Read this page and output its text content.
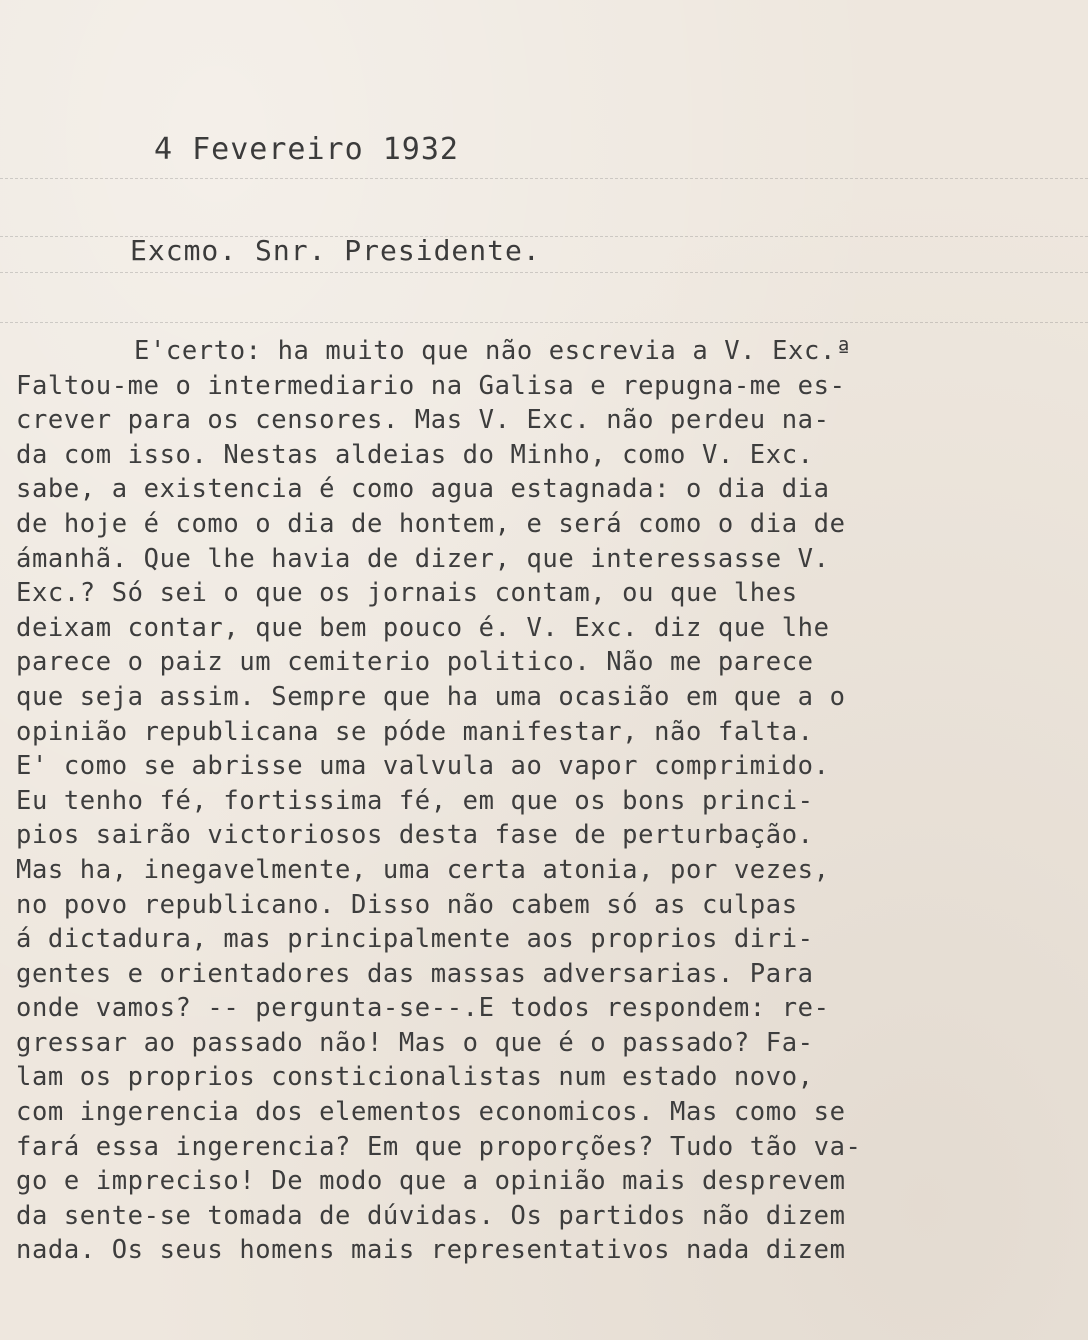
4 Fevereiro 1932
Excmo. Snr. Presidente.
E'certo: ha muito que não escrevia a V. Exc.ª
Faltou-me o intermediario na Galisa e repugna-me es-
crever para os censores. Mas V. Exc. não perdeu na-
da com isso. Nestas aldeias do Minho, como V. Exc.
sabe, a existencia é como agua estagnada: o dia dia
de hoje é como o dia de hontem, e será como o dia de
ámanhã. Que lhe havia de dizer, que interessasse V.
Exc.? Só sei o que os jornais contam, ou que lhes
deixam contar, que bem pouco é. V. Exc. diz que lhe
parece o paiz um cemiterio politico. Não me parece
que seja assim. Sempre que ha uma ocasião em que a o
opinião republicana se póde manifestar, não falta.
E' como se abrisse uma valvula ao vapor comprimido.
Eu tenho fé, fortissima fé, em que os bons princi-
pios sairão victoriosos desta fase de perturbação.
Mas ha, inegavelmente, uma certa atonia, por vezes,
no povo republicano. Disso não cabem só as culpas
á dictadura, mas principalmente aos proprios diri-
gentes e orientadores das massas adversarias. Para
onde vamos? -- pergunta-se--.E todos respondem: re-
gressar ao passado não! Mas o que é o passado? Fa-
lam os proprios consticionalistas num estado novo,
com ingerencia dos elementos economicos. Mas como se
fará essa ingerencia? Em que proporções? Tudo tão va-
go e impreciso! De modo que a opinião mais desprevem
da sente-se tomada de dúvidas. Os partidos não dizem
nada. Os seus homens mais representativos nada dizem
